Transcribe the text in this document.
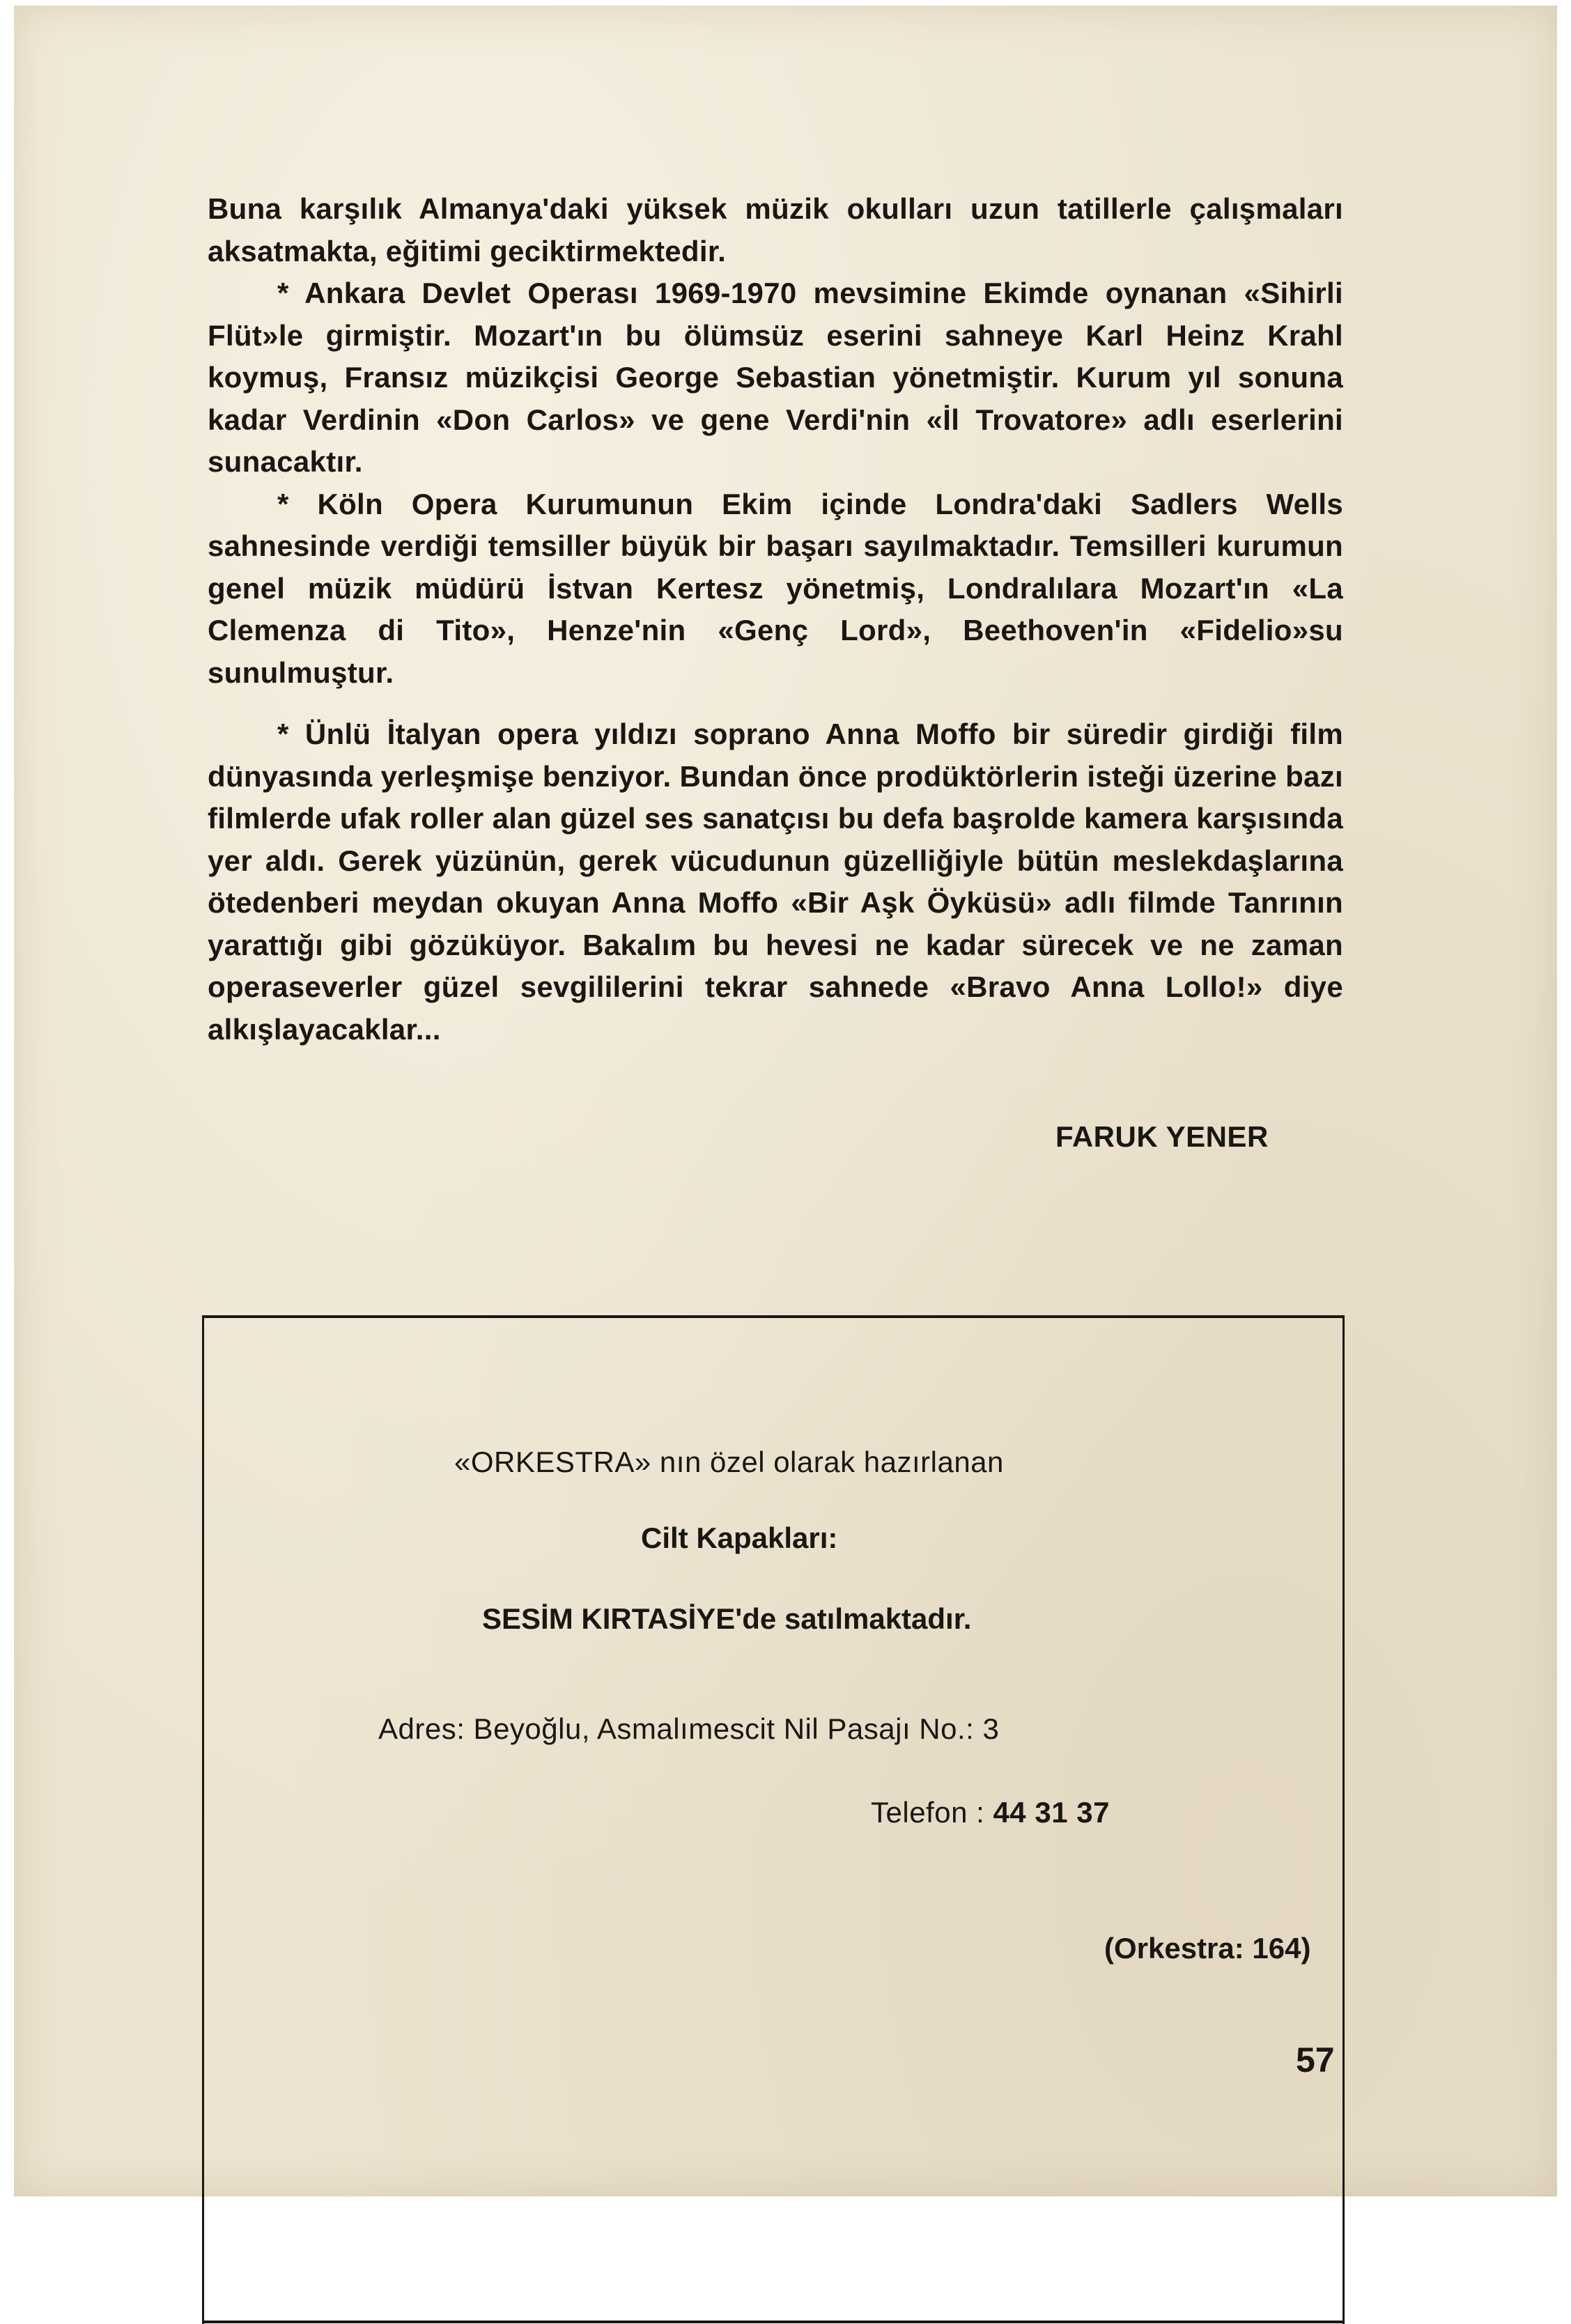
Buna karşılık Almanya'daki yüksek müzik okulları uzun tatillerle çalışmaları aksatmakta, eğitimi geciktirmektedir.

* Ankara Devlet Operası 1969-1970 mevsimine Ekimde oynanan «Sihirli Flüt»le girmiştir. Mozart'ın bu ölümsüz eserini sahneye Karl Heinz Krahl koymuş, Fransız müzikçisi George Sebastian yönetmiştir. Kurum yıl sonuna kadar Verdinin «Don Carlos» ve gene Verdi'nin «İl Trovatore» adlı eserlerini sunacaktır.

* Köln Opera Kurumunun Ekim içinde Londra'daki Sadlers Wells sahnesinde verdiği temsiller büyük bir başarı sayılmaktadır. Temsilleri kurumun genel müzik müdürü İstvan Kertesz yönetmiş, Londralılara Mozart'ın «La Clemenza di Tito», Henze'nin «Genç Lord», Beethoven'in «Fidelio»su sunulmuştur.

* Ünlü İtalyan opera yıldızı soprano Anna Moffo bir süredir girdiği film dünyasında yerleşmişe benziyor. Bundan önce prodüktörlerin isteği üzerine bazı filmlerde ufak roller alan güzel ses sanatçısı bu defa başrolde kamera karşısında yer aldı. Gerek yüzünün, gerek vücudunun güzelliğiyle bütün meslekdaşlarına ötedenberi meydan okuyan Anna Moffo «Bir Aşk Öyküsü» adlı filmde Tanrının yarattığı gibi gözüküyor. Bakalım bu hevesi ne kadar sürecek ve ne zaman operaseverler güzel sevgililerini tekrar sahnede «Bravo Anna Lollo!» diye alkışlayacaklar...

FARUK YENER
«ORKESTRA» nın özel olarak hazırlanan
Cilt Kapakları:
SESİM KIRTASİYE'de satılmaktadır.
Adres: Beyoğlu, Asmalımescit Nil Pasajı No.: 3
Telefon : 44 31 37
(Orkestra: 164)
57
